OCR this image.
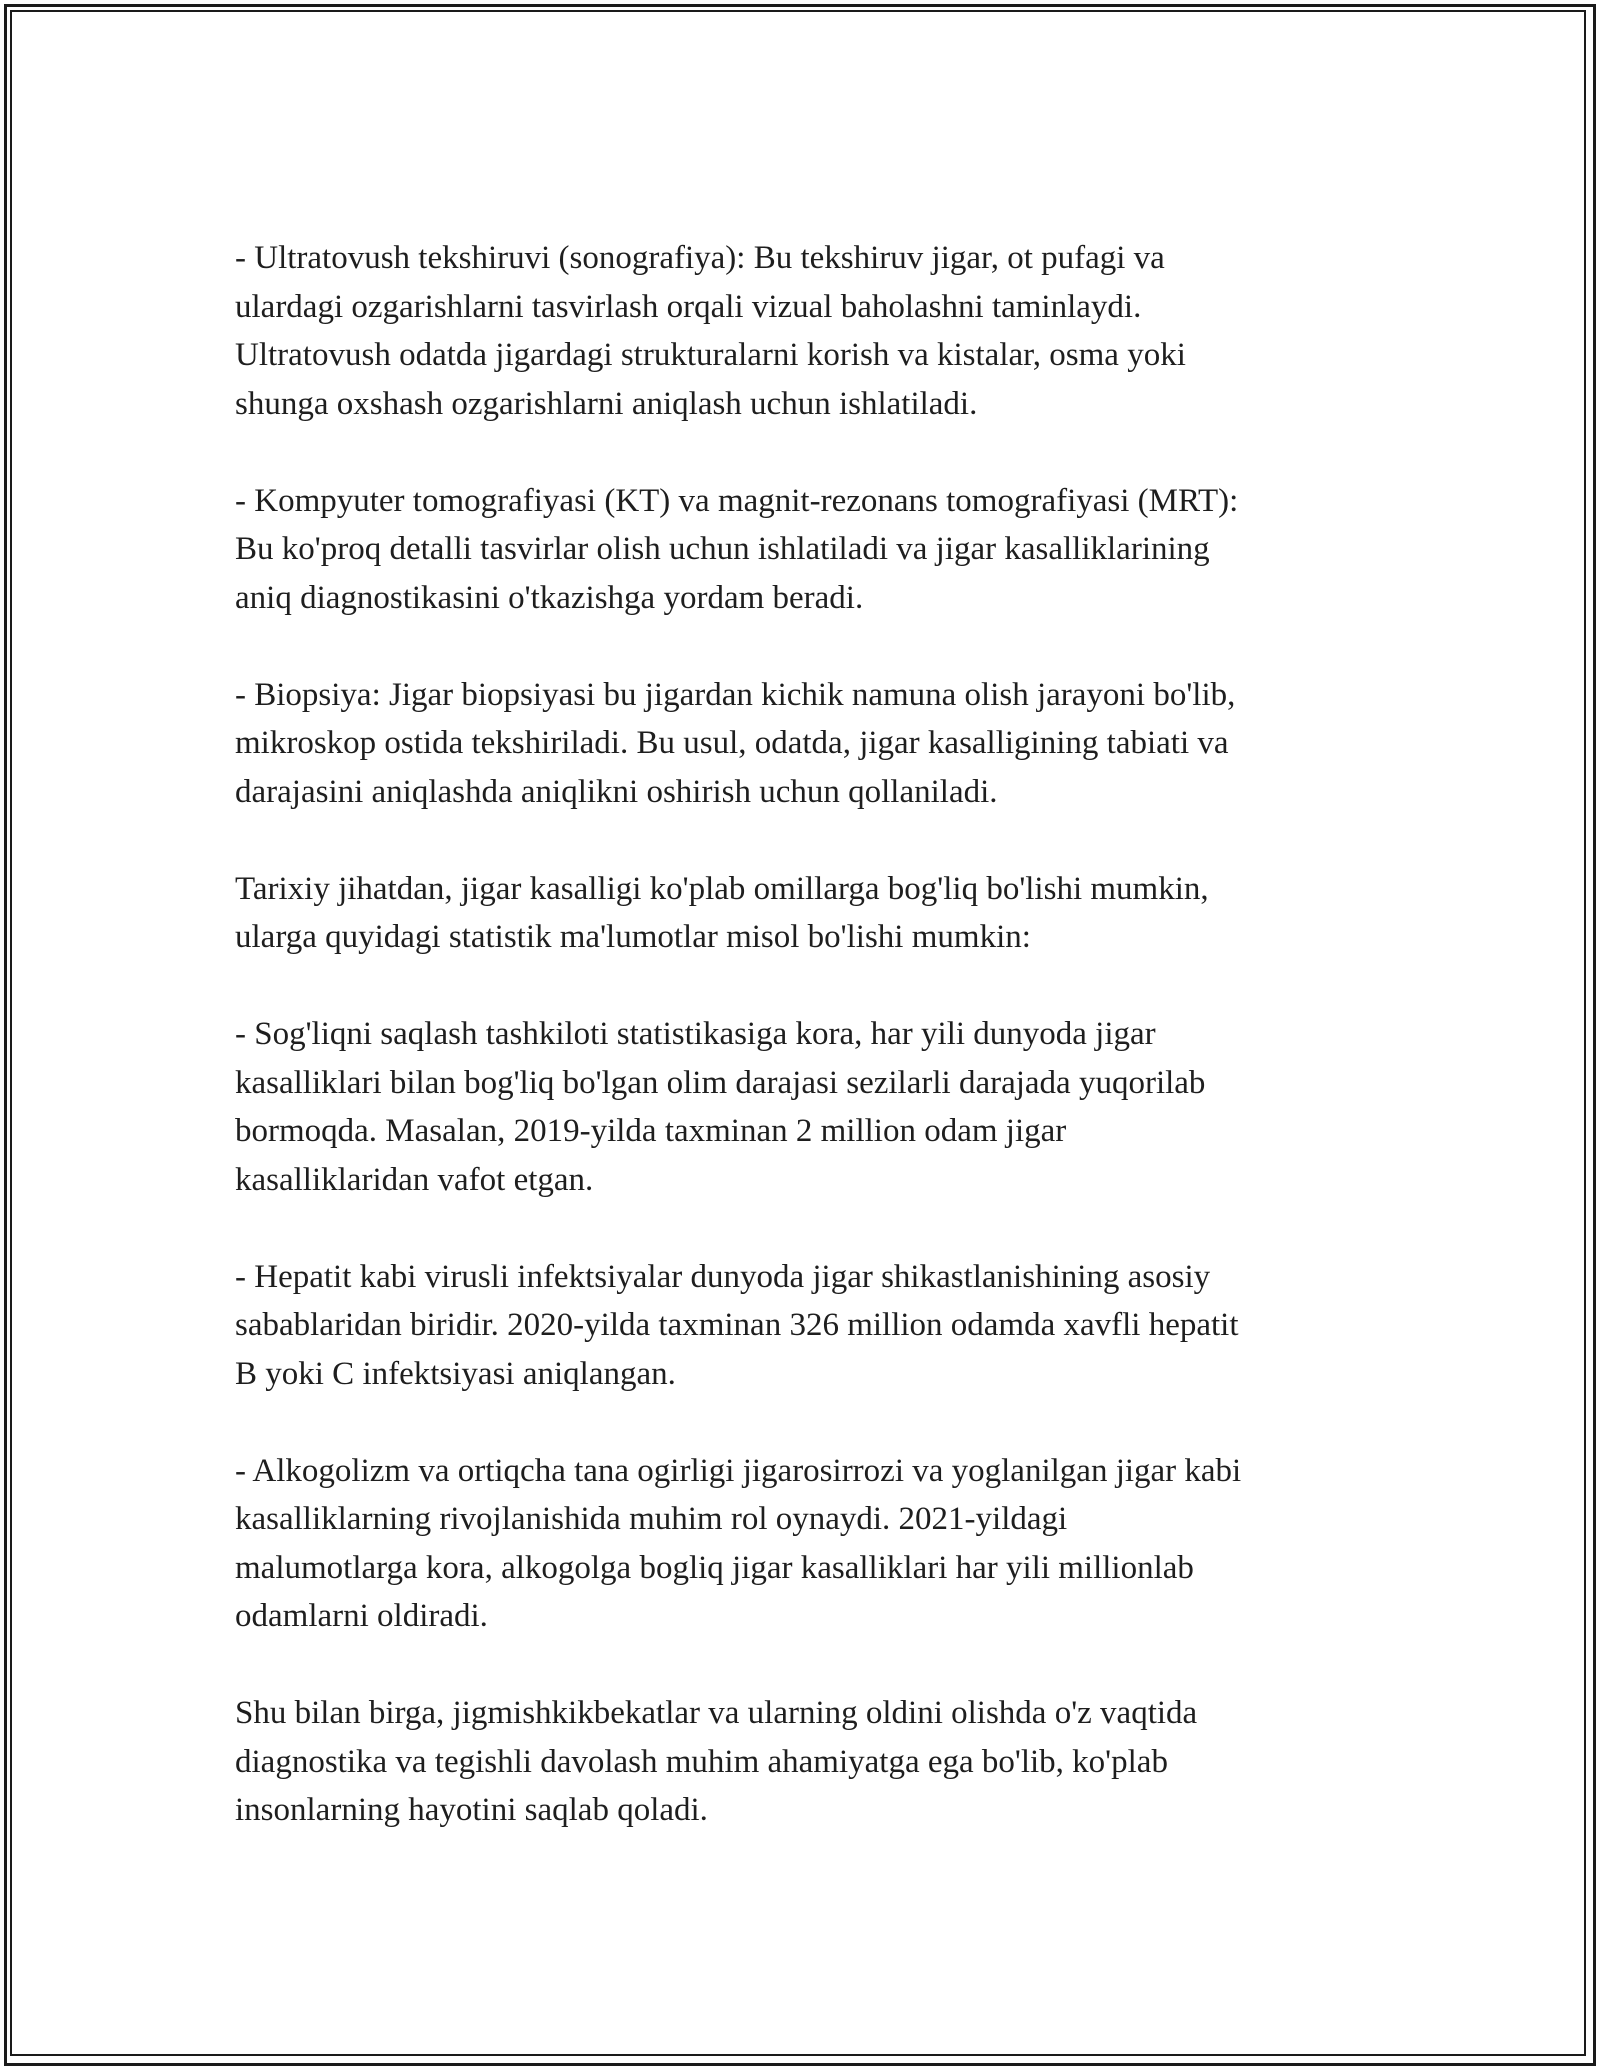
- Ultratovush tekshiruvi (sonografiya): Bu tekshiruv jigar, ot pufagi va
ulardagi ozgarishlarni tasvirlash orqali vizual baholashni taminlaydi.
Ultratovush odatda jigardagi strukturalarni korish va kistalar, osma yoki
shunga oxshash ozgarishlarni aniqlash uchun ishlatiladi.

- Kompyuter tomografiyasi (KT) va magnit-rezonans tomografiyasi (MRT):
Bu ko'proq detalli tasvirlar olish uchun ishlatiladi va jigar kasalliklarining
aniq diagnostikasini o'tkazishga yordam beradi.

- Biopsiya: Jigar biopsiyasi bu jigardan kichik namuna olish jarayoni bo'lib,
mikroskop ostida tekshiriladi. Bu usul, odatda, jigar kasalligining tabiati va
darajasini aniqlashda aniqlikni oshirish uchun qollaniladi.

Tarixiy jihatdan, jigar kasalligi ko'plab omillarga bog'liq bo'lishi mumkin,
ularga quyidagi statistik ma'lumotlar misol bo'lishi mumkin:

- Sog'liqni saqlash tashkiloti statistikasiga kora, har yili dunyoda jigar
kasalliklari bilan bog'liq bo'lgan olim darajasi sezilarli darajada yuqorilab
bormoqda. Masalan, 2019-yilda taxminan 2 million odam jigar
kasalliklaridan vafot etgan.

- Hepatit kabi virusli infektsiyalar dunyoda jigar shikastlanishining asosiy
sabablaridan biridir. 2020-yilda taxminan 326 million odamda xavfli hepatit
B yoki C infektsiyasi aniqlangan.

- Alkogolizm va ortiqcha tana ogirligi jigarosirrozi va yoglanilgan jigar kabi
kasalliklarning rivojlanishida muhim rol oynaydi. 2021-yildagi
malumotlarga kora, alkogolga bogliq jigar kasalliklari har yili millionlab
odamlarni oldiradi.

Shu bilan birga, jigmishkikbekatlar va ularning oldini olishda o'z vaqtida
diagnostika va tegishli davolash muhim ahamiyatga ega bo'lib, ko'plab
insonlarning hayotini saqlab qoladi.
